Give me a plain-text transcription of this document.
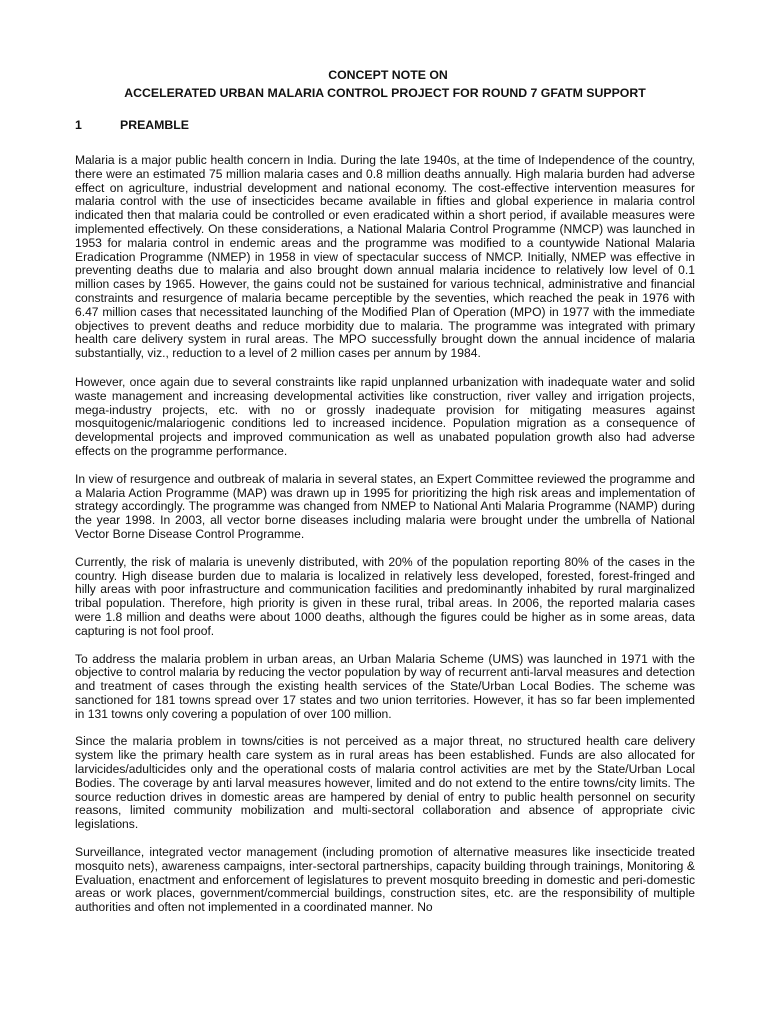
CONCEPT NOTE ON

ACCELERATED URBAN MALARIA CONTROL PROJECT FOR ROUND 7 GFATM SUPPORT

1	PREAMBLE

Malaria is a major public health concern in India. During the late 1940s, at the time of Independence of the country, there were an estimated 75 million malaria cases and 0.8 million deaths annually. High malaria burden had adverse effect on agriculture, industrial development and national economy. The cost-effective intervention measures for malaria control with the use of insecticides became available in fifties and global experience in malaria control indicated then that malaria could be controlled or even eradicated within a short period, if available measures were implemented effectively. On these considerations, a National Malaria Control Programme (NMCP) was launched in 1953 for malaria control in endemic areas and the programme was modified to a countywide National Malaria Eradication Programme (NMEP) in 1958 in view of spectacular success of NMCP. Initially, NMEP was effective in preventing deaths due to malaria and also brought down annual malaria incidence to relatively low level of 0.1 million cases by 1965. However, the gains could not be sustained for various technical, administrative and financial constraints and resurgence of malaria became perceptible by the seventies, which reached the peak in 1976 with 6.47 million cases that necessitated launching of the Modified Plan of Operation (MPO) in 1977 with the immediate objectives to prevent deaths and reduce morbidity due to malaria. The programme was integrated with primary health care delivery system in rural areas. The MPO successfully brought down the annual incidence of malaria substantially, viz., reduction to a level of 2 million cases per annum by 1984.

However, once again due to several constraints like rapid unplanned urbanization with inadequate water and solid waste management and increasing developmental activities like construction, river valley and irrigation projects, mega-industry projects, etc. with no or grossly inadequate provision for mitigating measures against mosquitogenic/malariogenic conditions led to increased incidence. Population migration as a consequence of developmental projects and improved communication as well as unabated population growth also had adverse effects on the programme performance.

In view of resurgence and outbreak of malaria in several states, an Expert Committee reviewed the programme and a Malaria Action Programme (MAP) was drawn up in 1995 for prioritizing the high risk areas and implementation of strategy accordingly. The programme was changed from NMEP to National Anti Malaria Programme (NAMP) during the year 1998. In 2003, all vector borne diseases including malaria were brought under the umbrella of National Vector Borne Disease Control Programme.

Currently, the risk of malaria is unevenly distributed, with 20% of the population reporting 80% of the cases in the country. High disease burden due to malaria is localized in relatively less developed, forested, forest-fringed and hilly areas with poor infrastructure and communication facilities and predominantly inhabited by rural marginalized tribal population. Therefore, high priority is given in these rural, tribal areas. In 2006, the reported malaria cases were 1.8 million and deaths were about 1000 deaths, although the figures could be higher as in some areas, data capturing is not fool proof.

To address the malaria problem in urban areas, an Urban Malaria Scheme (UMS) was launched in 1971 with the objective to control malaria by reducing the vector population by way of recurrent anti-larval measures and detection and treatment of cases through the existing health services of the State/Urban Local Bodies. The scheme was sanctioned for 181 towns spread over 17 states and two union territories. However, it has so far been implemented in 131 towns only covering a population of over 100 million.

Since the malaria problem in towns/cities is not perceived as a major threat, no structured health care delivery system like the primary health care system as in rural areas has been established. Funds are also allocated for larvicides/adulticides only and the operational costs of malaria control activities are met by the State/Urban Local Bodies. The coverage by anti larval measures however, limited and do not extend to the entire towns/city limits. The source reduction drives in domestic areas are hampered by denial of entry to public health personnel on security reasons, limited community mobilization and multi-sectoral collaboration and absence of appropriate civic legislations.

Surveillance, integrated vector management (including promotion of alternative measures like insecticide treated mosquito nets), awareness campaigns, inter-sectoral partnerships, capacity building through trainings, Monitoring & Evaluation, enactment and enforcement of legislatures to prevent mosquito breeding in domestic and peri-domestic areas or work places, government/commercial buildings, construction sites, etc. are the responsibility of multiple authorities and often not implemented in a coordinated manner. No
